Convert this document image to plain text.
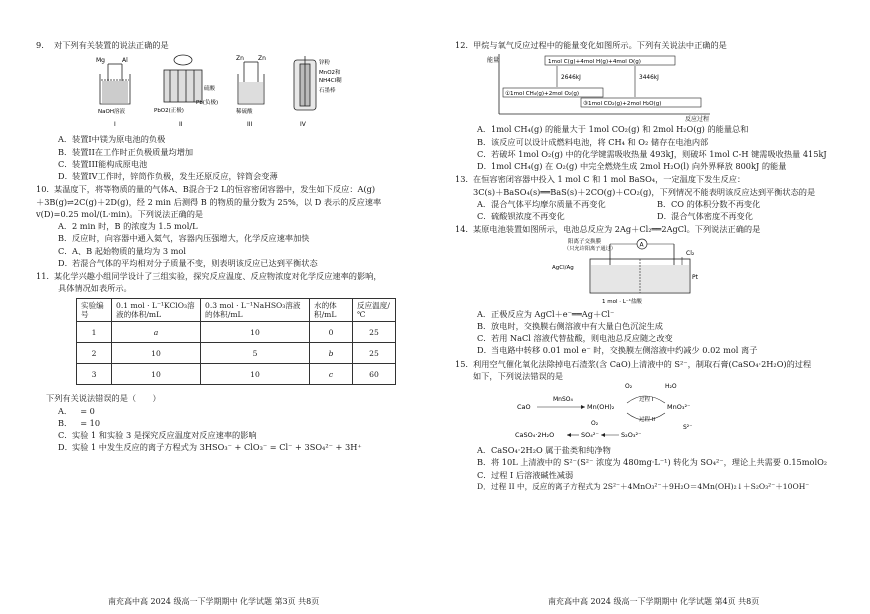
9. 对下列有关装置的说法正确的是
Mg	Al
NaOH溶液
I
PbO2(正极)
硫酸
Pb(负极)
II
Zn Zn
稀硫酸
III
锌粉
MnO2和
NH4Cl糊
石墨棒
IV
A．装置I中镁为原电池的负极
B．装置II在工作时正负极质量均增加
C．装置III能构成原电池
D．装置IV工作时，锌筒作负极，发生还原反应，锌筒会变薄
10. 某温度下，将等物质的量的气体A、B混合于2 L的恒容密闭容器中，发生如下反应：A(g)
＋3B(g)⇌2C(g)＋2D(g)，经 2 min 后测得 B 的物质的量分数为 25%，以 D 表示的反应速率
v(D)=0.25 mol/(L·min)。下列说法正确的是
A．2 min 时，B 的浓度为 1.5 mol/L
B．反应时，向容器中通入氦气，容器内压强增大，化学反应速率加快
C．A、B 起始物质的量均为 3 mol
D．若混合气体的平均相对分子质量不变，则表明该反应已达到平衡状态
11. 某化学兴趣小组同学设计了三组实验，探究反应温度、反应物浓度对化学反应速率的影响，
具体情况如表所示。
实验编号	0.1 mol · L⁻¹KClO₃溶液的体积/mL	0.3 mol · L⁻¹NaHSO₃溶液的体积/mL	水的体积/mL	反应温度/℃
1	a	10	0	25
2	10	5	b	25
3	10	10	c	60
下列有关说法错误的是（　　）
A．　= 0
B．　= 10
C．实验 1 和实验 3 是探究反应温度对反应速率的影响
D．实验 1 中发生反应的离子方程式为 3HSO₃⁻ + ClO₃⁻ = Cl⁻ + 3SO₄²⁻ + 3H⁺
南充高中高 2024 级高一下学期期中 化学试题 第3页 共8页
12. 甲烷与氧气反应过程中的能量变化如图所示。下列有关说法中正确的是
能量
反应过程
1mol C(g)+4mol H(g)+4mol O(g)
①1mol CH₄(g)+2mol O₂(g)
③1mol CO₂(g)+2mol H₂O(g)
2646kJ	3446kJ
A．1mol CH₄(g) 的能量大于 1mol CO₂(g) 和 2mol H₂O(g) 的能量总和
B．该反应可以设计成燃料电池，将 CH₄ 和 O₂ 储存在电池内部
C．若破坏 1mol O₂(g) 中的化学键需吸收热量 493kJ，则破坏 1mol C-H 键需吸收热量 415kJ
D．1mol CH₄(g) 在 O₂(g) 中完全燃烧生成 2mol H₂O(l) 向外界释放 800kJ 的能量
13. 在恒容密闭容器中投入 1 mol C 和 1 mol BaSO₄，一定温度下发生反应：
3C(s)＋BaSO₄(s)══BaS(s)＋2CO(g)＋CO₂(g)，下列情况不能表明该反应达到平衡状态的是
A．混合气体平均摩尔质量不再变化	B．CO 的体积分数不再变化
C．硫酸钡浓度不再变化	D．混合气体密度不再变化
14. 某原电池装置如图所示，电池总反应为 2Ag＋Cl₂══2AgCl。下列说法正确的是
阳离子交换膜
（只允许阳离子通过）
A
Cl₂
AgCl/Ag
Pt
1 mol · L⁻¹盐酸
A．正极反应为 AgCl＋e⁻══Ag＋Cl⁻
B．放电时，交换膜右侧溶液中有大量白色沉淀生成
C．若用 NaCl 溶液代替盐酸，则电池总反应随之改变
D．当电路中转移 0.01 mol e⁻ 时，交换膜左侧溶液中约减少 0.02 mol 离子
15. 利用空气催化氧化法除掉电石渣浆(含 CaO)上清液中的 S²⁻，制取石膏(CaSO₄·2H₂O)的过程
如下，下列说法错误的是
O₂	H₂O
MnSO₄
CaO	Mn(OH)₂
过程 I
MnO₃²⁻
过程 II
S²⁻
O₂
CaSO₄·2H₂O	SO₄²⁻	S₂O₃²⁻
A．CaSO₄·2H₂O 属于盐类和纯净物
B．将 10L 上清液中的 S²⁻(S²⁻ 浓度为 480mg·L⁻¹) 转化为 SO₄²⁻，理论上共需要 0.15molO₂
C．过程 I 后溶液碱性减弱
D．过程 II 中，反应的离子方程式为 2S²⁻＋4MnO₃²⁻＋9H₂O＝4Mn(OH)₂↓＋S₂O₃²⁻＋10OH⁻
南充高中高 2024 级高一下学期期中 化学试题 第4页 共8页
